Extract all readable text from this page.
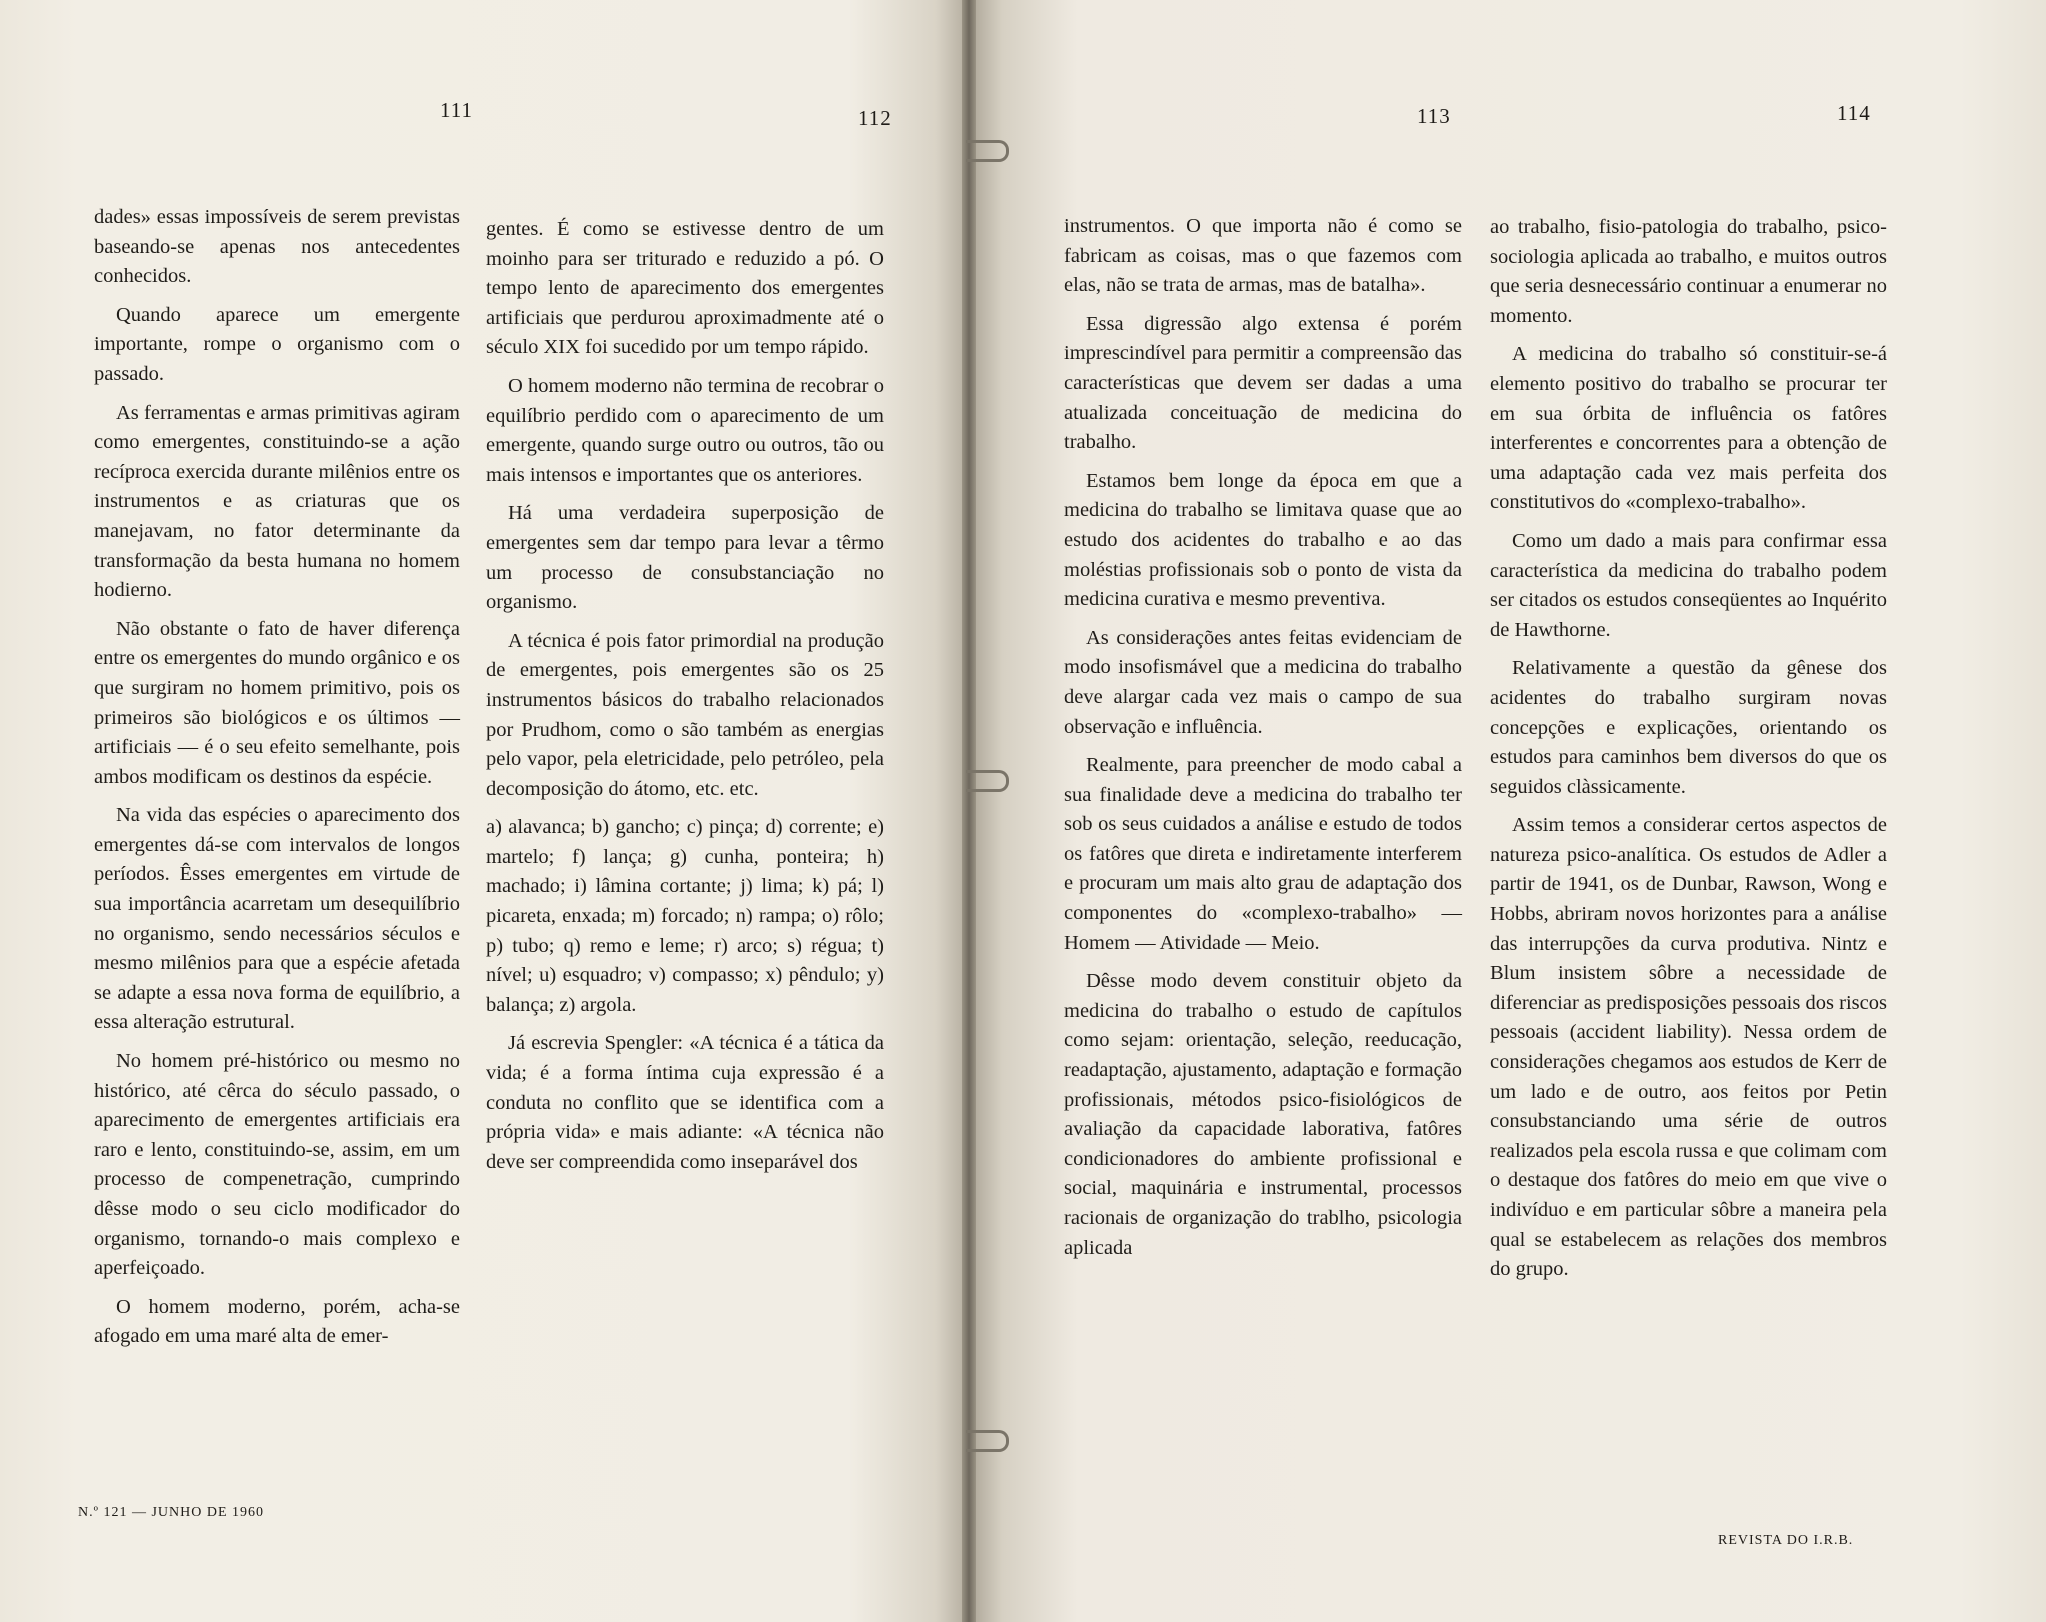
111

dades» essas impossíveis de serem previstas baseando-se apenas nos antecedentes conhecidos.

Quando aparece um emergente importante, rompe o organismo com o passado.

As ferramentas e armas primitivas agiram como emergentes, constituindo-se a ação recíproca exercida durante milênios entre os instrumentos e as criaturas que os manejavam, no fator determinante da transformação da besta humana no homem hodierno.

Não obstante o fato de haver diferença entre os emergentes do mundo orgânico e os que surgiram no homem primitivo, pois os primeiros são biológicos e os últimos — artificiais — é o seu efeito semelhante, pois ambos modificam os destinos da espécie.

Na vida das espécies o aparecimento dos emergentes dá-se com intervalos de longos períodos. Êsses emergentes em virtude de sua importância acarretam um desequilíbrio no organismo, sendo necessários séculos e mesmo milênios para que a espécie afetada se adapte a essa nova forma de equilíbrio, a essa alteração estrutural.

No homem pré-histórico ou mesmo no histórico, até cêrca do século passado, o aparecimento de emergentes artificiais era raro e lento, constituindo-se, assim, em um processo de compenetração, cumprindo dêsse modo o seu ciclo modificador do organismo, tornando-o mais complexo e aperfeiçoado.

O homem moderno, porém, acha-se afogado em uma maré alta de emer-

112

gentes. É como se estivesse dentro de um moinho para ser triturado e reduzido a pó. O tempo lento de aparecimento dos emergentes artificiais que perdurou aproximadmente até o século XIX foi sucedido por um tempo rápido.

O homem moderno não termina de recobrar o equilíbrio perdido com o aparecimento de um emergente, quando surge outro ou outros, tão ou mais intensos e importantes que os anteriores.

Há uma verdadeira superposição de emergentes sem dar tempo para levar a têrmo um processo de consubstanciação no organismo.

A técnica é pois fator primordial na produção de emergentes, pois emergentes são os 25 instrumentos básicos do trabalho relacionados por Prudhom, como o são também as energias pelo vapor, pela eletricidade, pelo petróleo, pela decomposição do átomo, etc. etc.

a) alavanca; b) gancho; c) pinça; d) corrente; e) martelo; f) lança; g) cunha, ponteira; h) machado; i) lâmina cortante; j) lima; k) pá; l) picareta, enxada; m) forcado; n) rampa; o) rôlo; p) tubo; q) remo e leme; r) arco; s) régua; t) nível; u) esquadro; v) compasso; x) pêndulo; y) balança; z) argola.

Já escrevia Spengler: «A técnica é a tática da vida; é a forma íntima cuja expressão é a conduta no conflito que se identifica com a própria vida» e mais adiante: «A técnica não deve ser compreendida como inseparável dos

N.º 121 — JUNHO DE 1960
113

instrumentos. O que importa não é como se fabricam as coisas, mas o que fazemos com elas, não se trata de armas, mas de batalha».

Essa digressão algo extensa é porém imprescindível para permitir a compreensão das características que devem ser dadas a uma atualizada conceituação de medicina do trabalho.

Estamos bem longe da época em que a medicina do trabalho se limitava quase que ao estudo dos acidentes do trabalho e ao das moléstias profissionais sob o ponto de vista da medicina curativa e mesmo preventiva.

As considerações antes feitas evidenciam de modo insofismável que a medicina do trabalho deve alargar cada vez mais o campo de sua observação e influência.

Realmente, para preencher de modo cabal a sua finalidade deve a medicina do trabalho ter sob os seus cuidados a análise e estudo de todos os fatôres que direta e indiretamente interferem e procuram um mais alto grau de adaptação dos componentes do «complexo-trabalho» — Homem — Atividade — Meio.

Dêsse modo devem constituir objeto da medicina do trabalho o estudo de capítulos como sejam: orientação, seleção, reeducação, readaptação, ajustamento, adaptação e formação profissionais, métodos psico-fisiológicos de avaliação da capacidade laborativa, fatôres condicionadores do ambiente profissional e social, maquinária e instrumental, processos racionais de organização do trablho, psicologia aplicada

114

ao trabalho, fisio-patologia do trabalho, psico-sociologia aplicada ao trabalho, e muitos outros que seria desnecessário continuar a enumerar no momento.

A medicina do trabalho só constituir-se-á elemento positivo do trabalho se procurar ter em sua órbita de influência os fatôres interferentes e concorrentes para a obtenção de uma adaptação cada vez mais perfeita dos constitutivos do «complexo-trabalho».

Como um dado a mais para confirmar essa característica da medicina do trabalho podem ser citados os estudos conseqüentes ao Inquérito de Hawthorne.

Relativamente a questão da gênese dos acidentes do trabalho surgiram novas concepções e explicações, orientando os estudos para caminhos bem diversos do que os seguidos clàssicamente.

Assim temos a considerar certos aspectos de natureza psico-analítica. Os estudos de Adler a partir de 1941, os de Dunbar, Rawson, Wong e Hobbs, abriram novos horizontes para a análise das interrupções da curva produtiva. Nintz e Blum insistem sôbre a necessidade de diferenciar as predisposições pessoais dos riscos pessoais (accident liability). Nessa ordem de considerações chegamos aos estudos de Kerr de um lado e de outro, aos feitos por Petin consubstanciando uma série de outros realizados pela escola russa e que colimam com o destaque dos fatôres do meio em que vive o indivíduo e em particular sôbre a maneira pela qual se estabelecem as relações dos membros do grupo.

REVISTA DO I.R.B.
